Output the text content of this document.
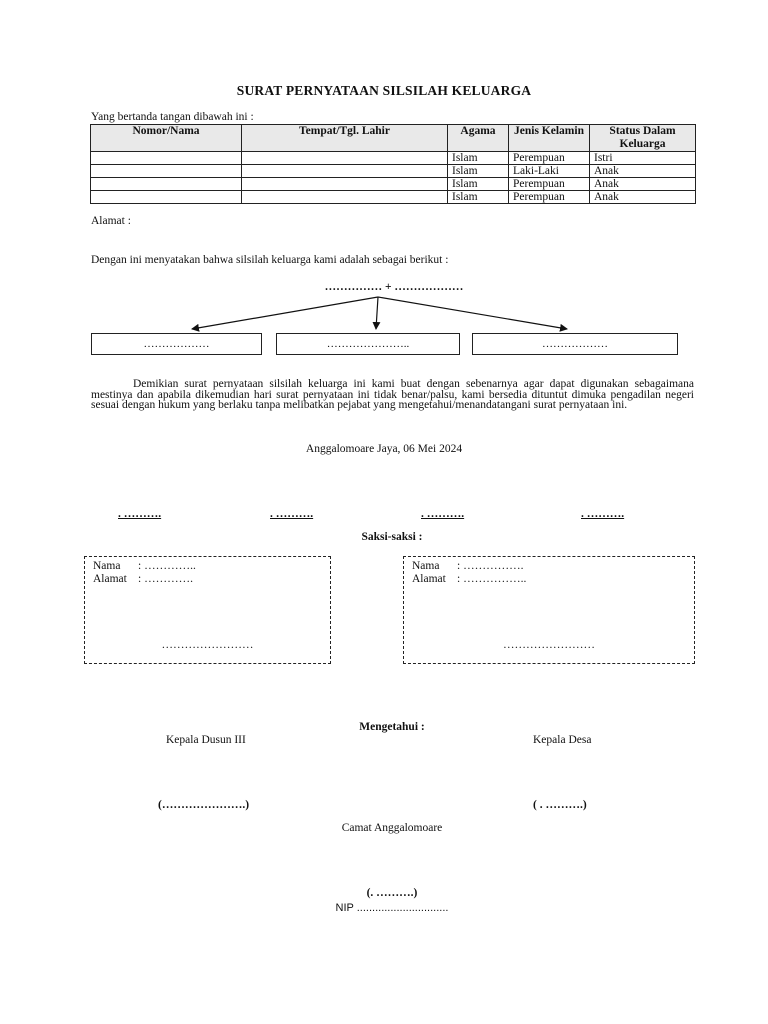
SURAT PERNYATAAN SILSILAH KELUARGA
Yang bertanda tangan dibawah ini :
Nomor/Nama	Tempat/Tgl. Lahir	Agama	Jenis Kelamin	Status Dalam Keluarga
		Islam	Perempuan	Istri
		Islam	Laki-Laki	Anak
		Islam	Perempuan	Anak
		Islam	Perempuan	Anak
Alamat :
Dengan ini menyatakan bahwa silsilah keluarga kami adalah sebagai berikut :
…………… + ………………
………………	…………………..	………………
Demikian surat pernyataan silsilah keluarga ini kami buat dengan sebenarnya agar dapat digunakan sebagaimana mestinya dan apabila dikemudian hari surat pernyataan ini tidak benar/palsu, kami bersedia dituntut dimuka pengadilan negeri sesuai dengan hukum yang berlaku tanpa melibatkan pejabat yang mengetahui/menandatangani surat pernyataan ini.
Anggalomoare Jaya, 06 Mei 2024
. ……….	. ……….	. ……….	. ……….
Saksi-saksi :
Nama : …………..
Alamat : ………….
……………………
Nama : …………….
Alamat : ……………..
……………………
Mengetahui :
Kepala Dusun III	Kepala Desa
(………………….)	( . ……….)
Camat Anggalomoare
(. ……….)
NIP ..............................
